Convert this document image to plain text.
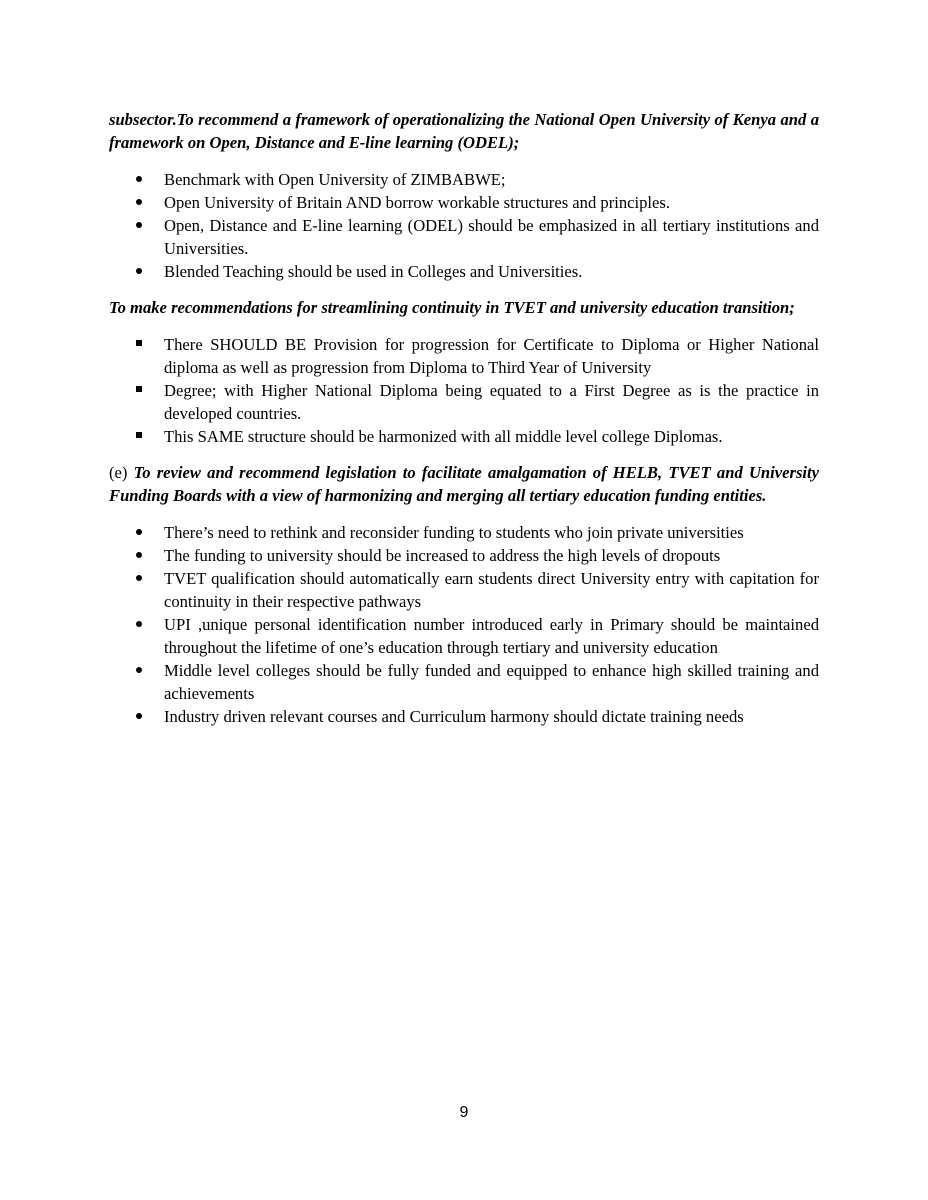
subsector.To recommend a framework of operationalizing the National Open University of Kenya and a framework on Open, Distance and E-line learning (ODEL);

Benchmark with Open University of ZIMBABWE;
Open University of Britain AND borrow workable structures and principles.
Open, Distance and E-line learning (ODEL) should be emphasized in all tertiary institutions and Universities.
Blended Teaching should be used in Colleges and Universities.

To make recommendations for streamlining continuity in TVET and university education transition;

There SHOULD BE Provision for progression for Certificate to Diploma or Higher National diploma as well as progression from Diploma to Third Year of University
Degree; with Higher National Diploma being equated to a First Degree as is the practice in developed countries.
This SAME structure should be harmonized with all middle level college Diplomas.

(e) To review and recommend legislation to facilitate amalgamation of HELB, TVET and University Funding Boards with a view of harmonizing and merging all tertiary education funding entities.

There’s need to rethink and reconsider funding to students who join private universities
The funding to university should be increased to address the high levels of dropouts
TVET qualification should automatically earn students direct University entry with capitation for continuity in their respective pathways
UPI ,unique personal identification number introduced early in Primary should be maintained throughout the lifetime of one’s education through tertiary and university education
Middle level colleges should be fully funded and equipped to enhance high skilled training and achievements
Industry driven relevant courses and Curriculum harmony should dictate training needs
9
